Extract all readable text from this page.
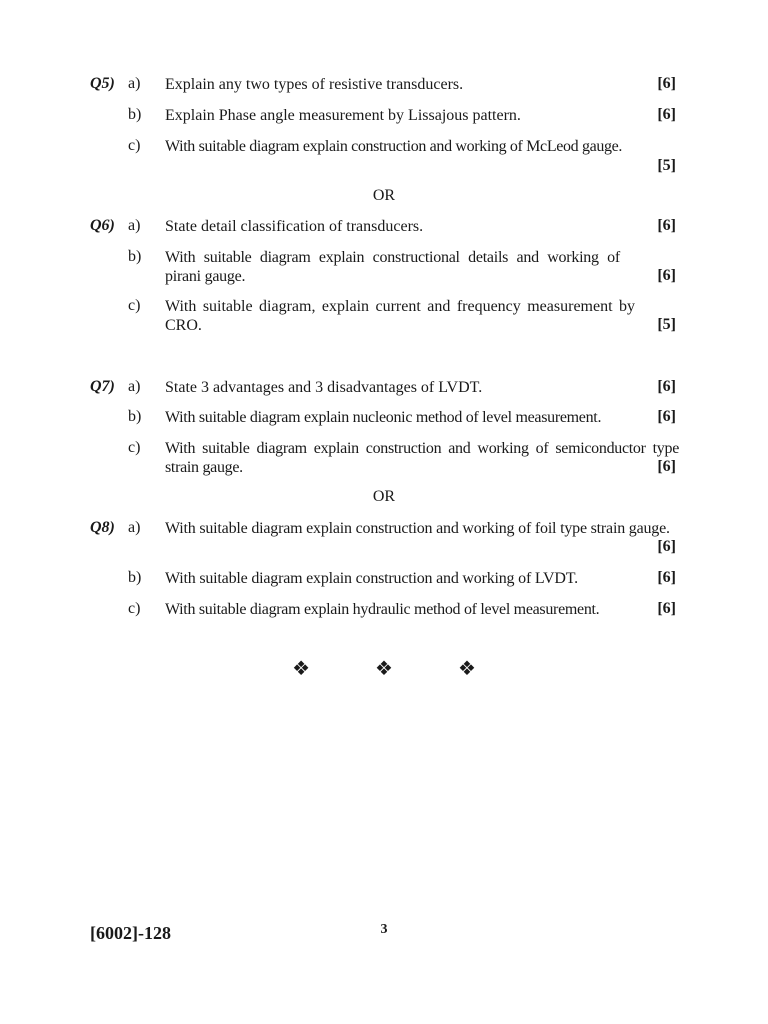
Q5) a) Explain any two types of resistive transducers.	[6]
b) Explain Phase angle measurement by Lissajous pattern.	[6]
c) With suitable diagram explain construction and working of McLeod gauge.
[5]
OR
Q6) a) State detail classification of transducers.	[6]
b) With suitable diagram explain constructional details and working of pirani gauge.	[6]
c) With suitable diagram, explain current and frequency measurement by CRO.	[5]
Q7) a) State 3 advantages and 3 disadvantages of LVDT.	[6]
b) With suitable diagram explain nucleonic method of level measurement.	[6]
c) With suitable diagram explain construction and working of semiconductor type strain gauge.	[6]
OR
Q8) a) With suitable diagram explain construction and working of foil type strain gauge.
[6]
b) With suitable diagram explain construction and working of LVDT.	[6]
c) With suitable diagram explain hydraulic method of level measurement.	[6]
❖ ❖ ❖
[6002]-128	3
